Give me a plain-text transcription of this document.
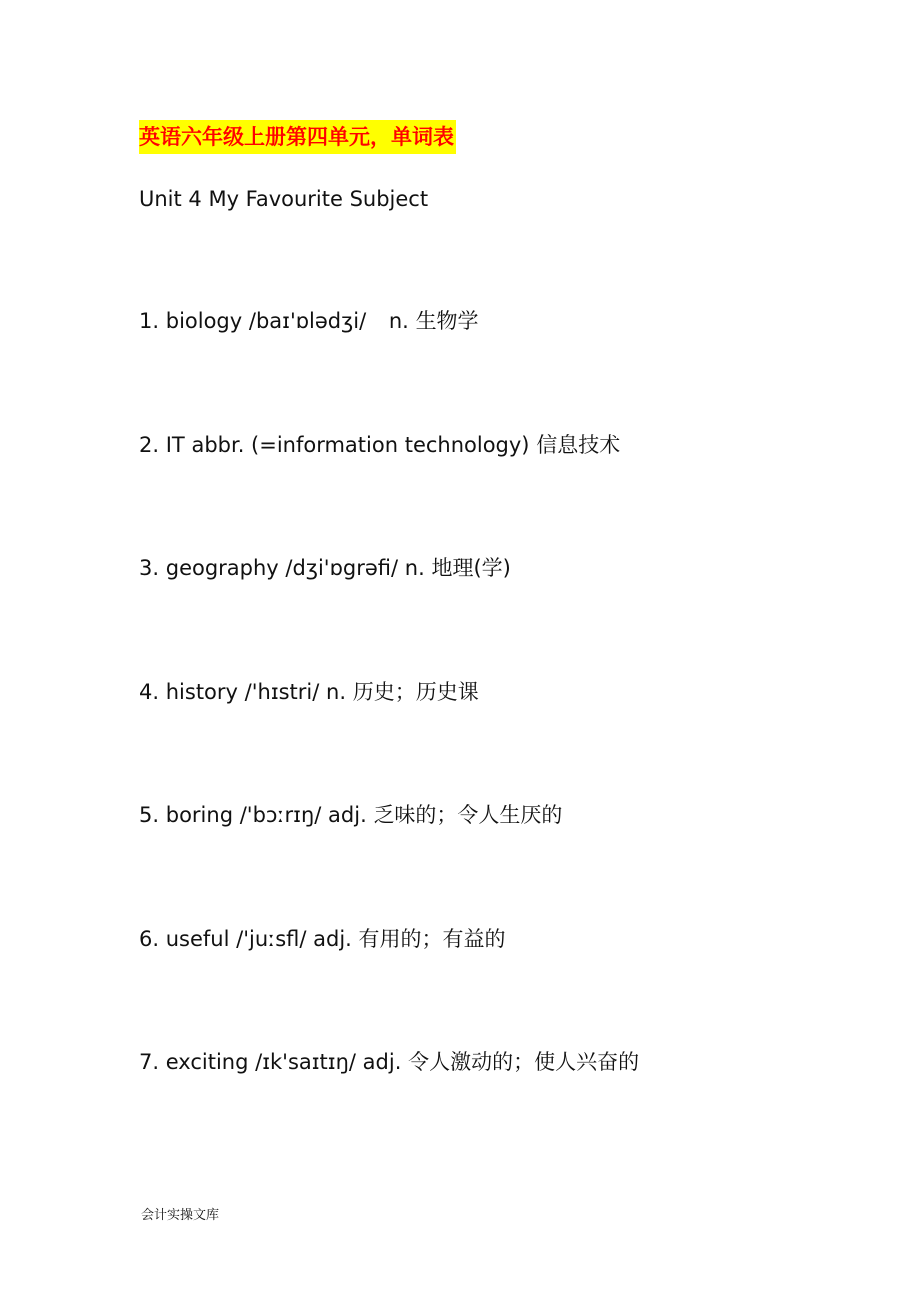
英语六年级上册第四单元，单词表
Unit 4 My Favourite Subject
1. biology /baɪ'ɒlədʒi/ n. 生物学
2. IT abbr. (=information technology) 信息技术
3. geography /dʒi'ɒgrəfi/ n. 地理(学)
4. history /'hɪstri/ n. 历史；历史课
5. boring /'bɔːrɪŋ/ adj. 乏味的；令人生厌的
6. useful /'juːsfl/ adj. 有用的；有益的
7. exciting /ɪk'saɪtɪŋ/ adj. 令人激动的；使人兴奋的
会计实操文库
